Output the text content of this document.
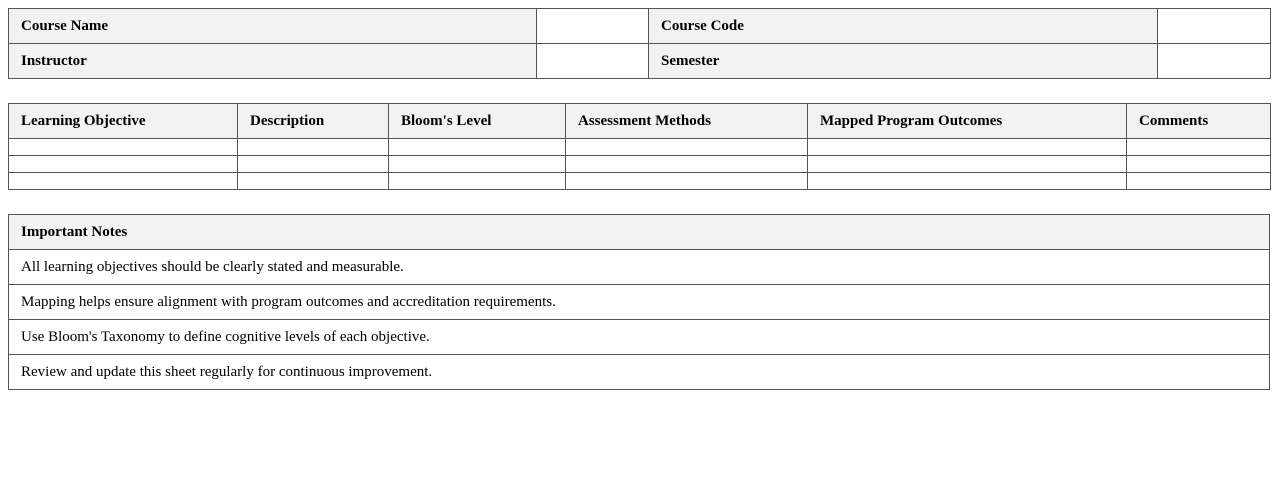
Course Name		Course Code	
Instructor		Semester	
Learning Objective	Description	Bloom's Level	Assessment Methods	Mapped Program Outcomes	Comments

Important Notes
All learning objectives should be clearly stated and measurable.
Mapping helps ensure alignment with program outcomes and accreditation requirements.
Use Bloom's Taxonomy to define cognitive levels of each objective.
Review and update this sheet regularly for continuous improvement.
